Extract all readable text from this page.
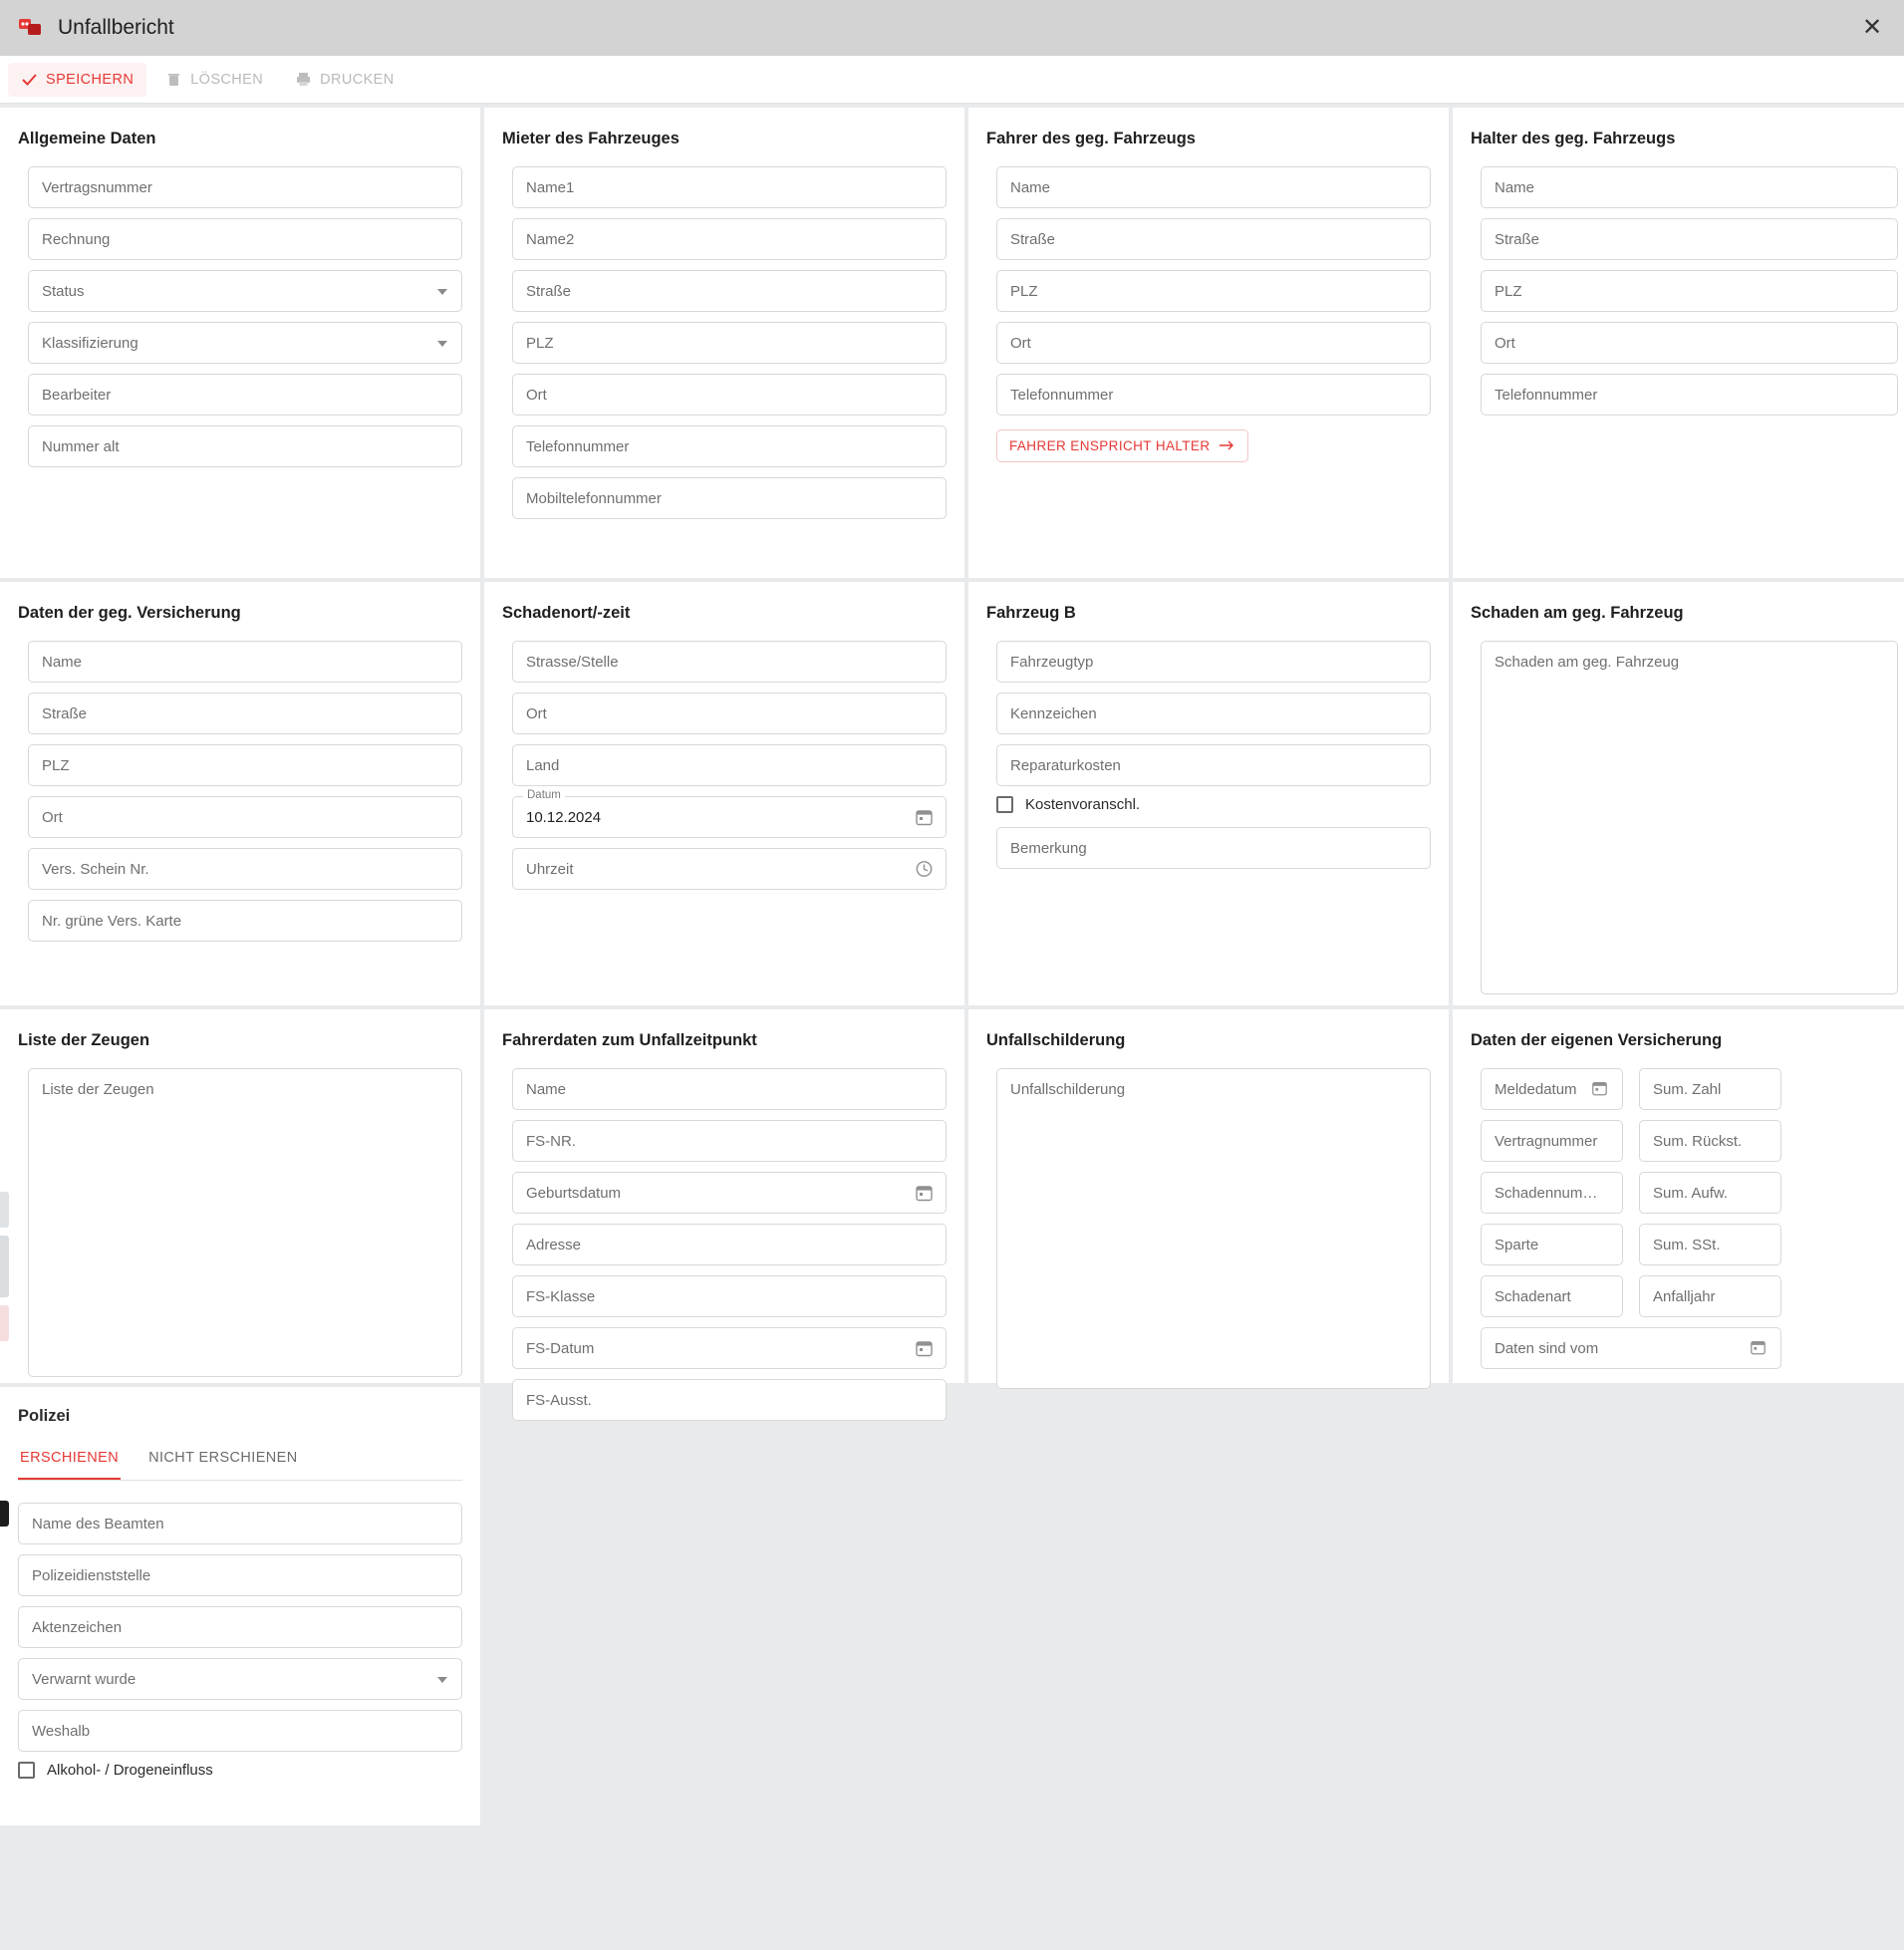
Unfallbericht	✕
SPEICHERN	LÖSCHEN	DRUCKEN
Allgemeine Daten
Vertragsnummer
Rechnung
Status
Klassifizierung
Bearbeiter
Nummer alt
Mieter des Fahrzeuges
Name1
Name2
Straße
PLZ
Ort
Telefonnummer
Mobiltelefonnummer
Fahrer des geg. Fahrzeugs
Name
Straße
PLZ
Ort
Telefonnummer
FAHRER ENSPRICHT HALTER
Halter des geg. Fahrzeugs
Name
Straße
PLZ
Ort
Telefonnummer
Daten der geg. Versicherung
Name
Straße
PLZ
Ort
Vers. Schein Nr.
Nr. grüne Vers. Karte
Schadenort/-zeit
Strasse/Stelle
Ort
Land
Datum
10.12.2024
Uhrzeit
Fahrzeug B
Fahrzeugtyp
Kennzeichen
Reparaturkosten
Kostenvoranschl.
Bemerkung
Schaden am geg. Fahrzeug
Schaden am geg. Fahrzeug
Liste der Zeugen
Liste der Zeugen
Fahrerdaten zum Unfallzeitpunkt
Name
FS-NR.
Geburtsdatum
Adresse
FS-Klasse
FS-Datum
FS-Ausst.
Unfallschilderung
Unfallschilderung
Daten der eigenen Versicherung
Meldedatum	Sum. Zahl
Vertragnummer	Sum. Rückst.
Schadennum…	Sum. Aufw.
Sparte	Sum. SSt.
Schadenart	Anfalljahr
Daten sind vom
Polizei
ERSCHIENEN NICHT ERSCHIENEN
Name des Beamten
Polizeidienststelle
Aktenzeichen
Verwarnt wurde
Weshalb
Alkohol- / Drogeneinfluss
